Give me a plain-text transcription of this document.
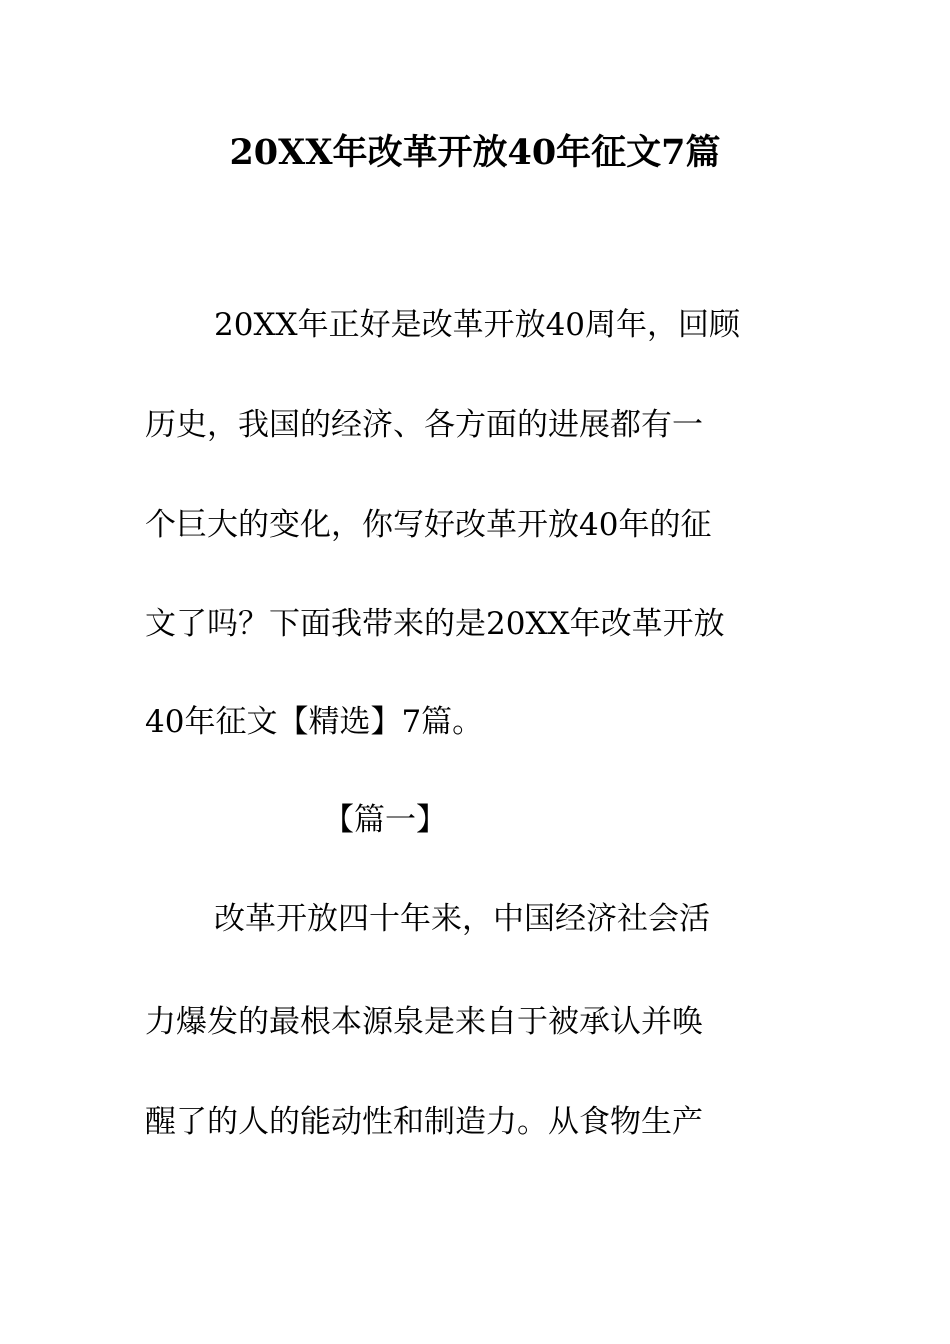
20XX年改革开放40年征文7篇

20XX年正好是改革开放40周年，回顾

历史，我国的经济、各方面的进展都有一

个巨大的变化，你写好改革开放40年的征

文了吗？下面我带来的是20XX年改革开放

40年征文【精选】7篇。

【篇一】

改革开放四十年来，中国经济社会活

力爆发的最根本源泉是来自于被承认并唤

醒了的人的能动性和制造力。从食物生产
